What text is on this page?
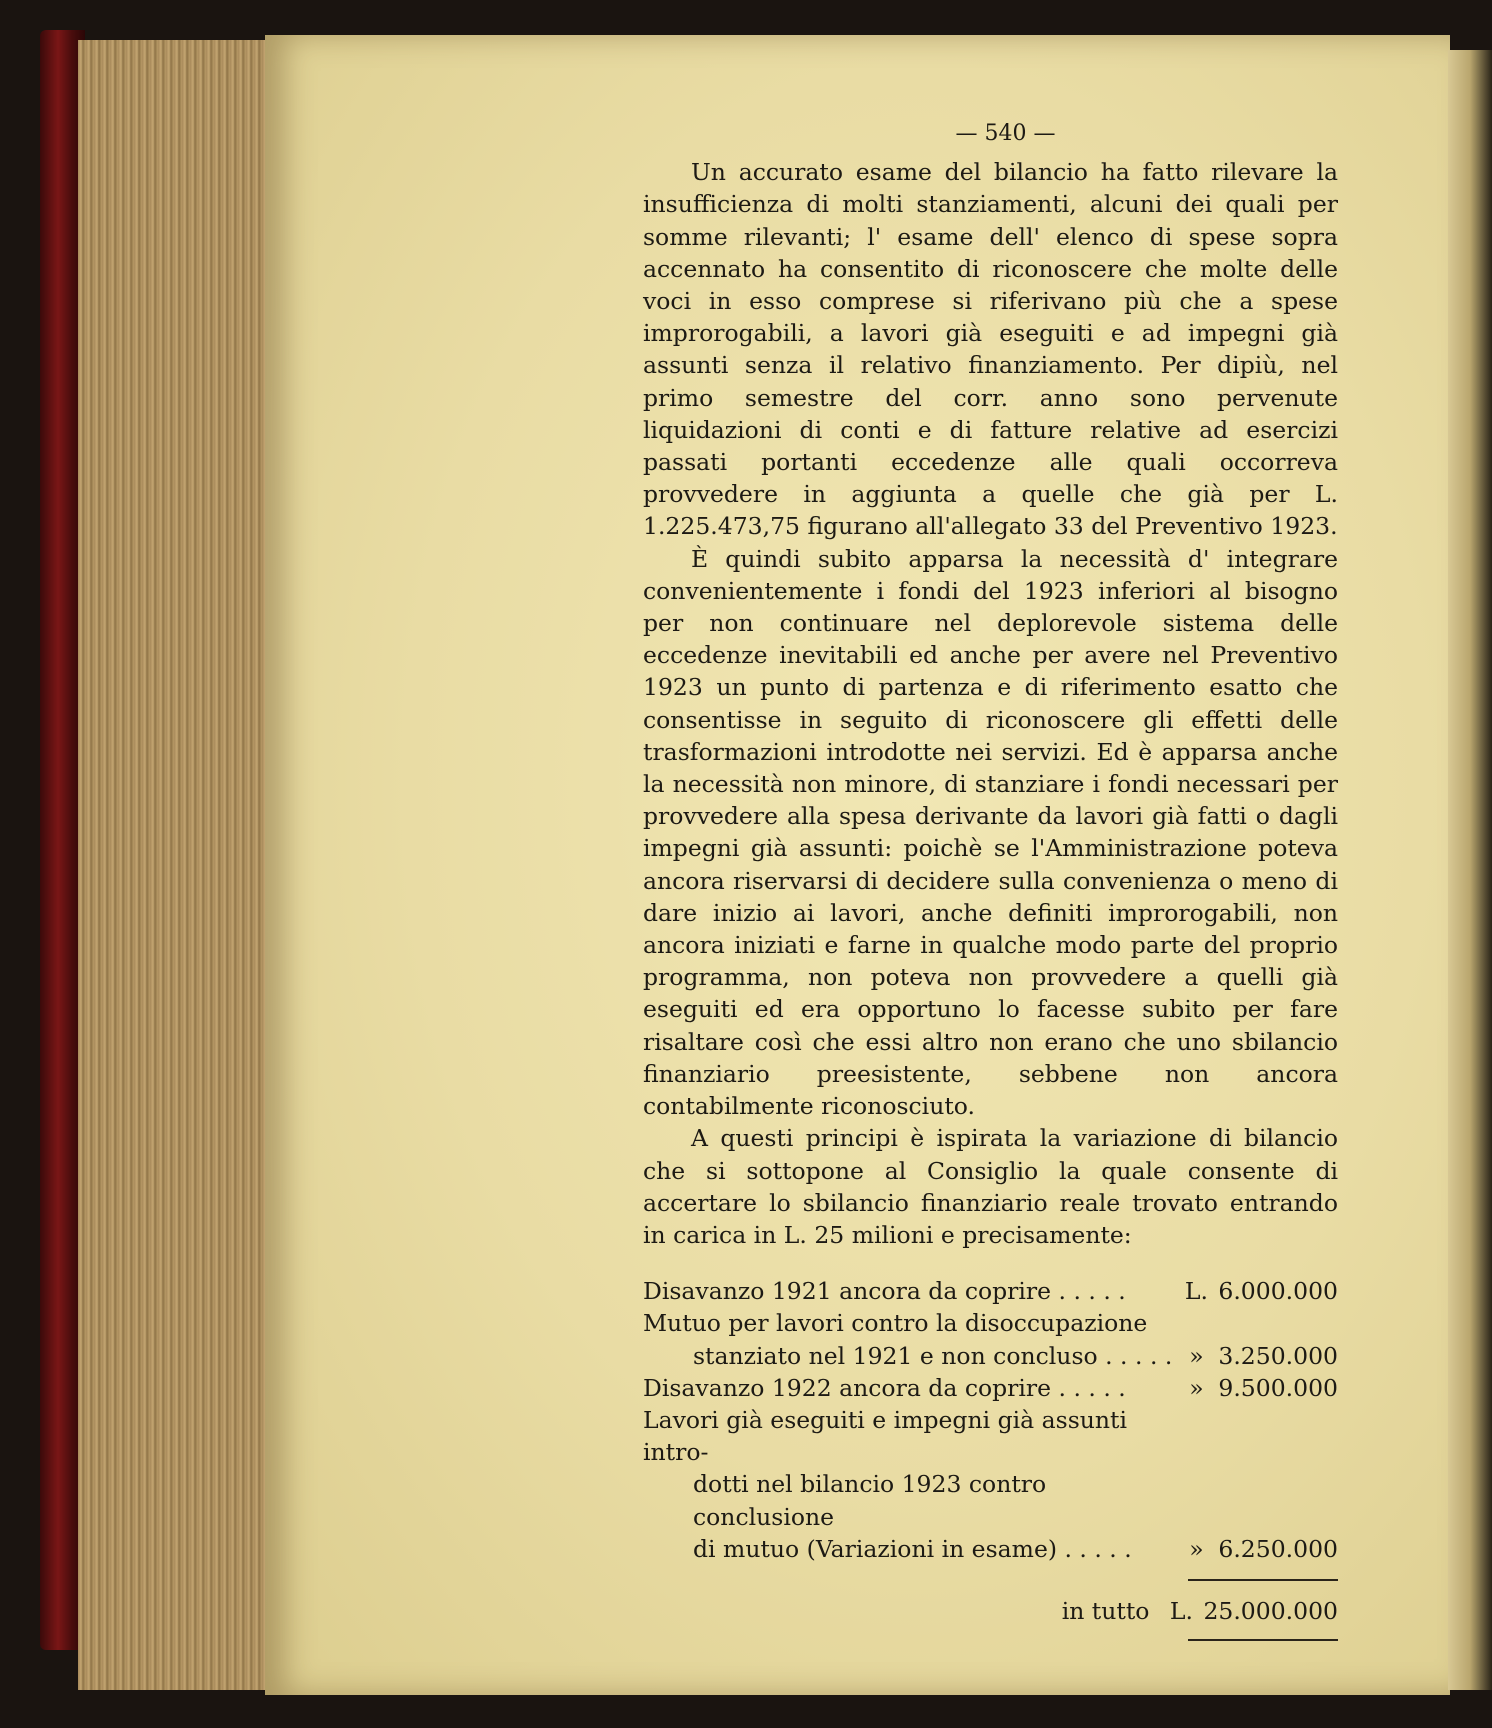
— 540 —

Un accurato esame del bilancio ha fatto rilevare la insufficienza di molti stanziamenti, alcuni dei quali per somme rilevanti; l' esame dell' elenco di spese sopra accennato ha consentito di riconoscere che molte delle voci in esso comprese si riferivano più che a spese improrogabili, a lavori già eseguiti e ad impegni già assunti senza il relativo finanziamento. Per dipiù, nel primo semestre del corr. anno sono pervenute liquidazioni di conti e di fatture relative ad esercizi passati portanti eccedenze alle quali occorreva provvedere in aggiunta a quelle che già per L. 1.225.473,75 figurano all'allegato 33 del Preventivo 1923.

È quindi subito apparsa la necessità d' integrare convenientemente i fondi del 1923 inferiori al bisogno per non continuare nel deplorevole sistema delle eccedenze inevitabili ed anche per avere nel Preventivo 1923 un punto di partenza e di riferimento esatto che consentisse in seguito di riconoscere gli effetti delle trasformazioni introdotte nei servizi. Ed è apparsa anche la necessità non minore, di stanziare i fondi necessari per provvedere alla spesa derivante da lavori già fatti o dagli impegni già assunti: poichè se l'Amministrazione poteva ancora riservarsi di decidere sulla convenienza o meno di dare inizio ai lavori, anche definiti improrogabili, non ancora iniziati e farne in qualche modo parte del proprio programma, non poteva non provvedere a quelli già eseguiti ed era opportuno lo facesse subito per fare risaltare così che essi altro non erano che uno sbilancio finanziario preesistente, sebbene non ancora contabilmente riconosciuto.

A questi principi è ispirata la variazione di bilancio che si sottopone al Consiglio la quale consente di accertare lo sbilancio finanziario reale trovato entrando in carica in L. 25 milioni e precisamente:

Disavanzo 1921 ancora da coprire . . . . .	L.	6.000.000
Mutuo per lavori contro la disoccupazione		
stanziato nel 1921 e non concluso . . . . .	»	3.250.000
Disavanzo 1922 ancora da coprire . . . . .	»	9.500.000
Lavori già eseguiti e impegni già assunti intro-		
dotti nel bilancio 1923 contro conclusione		
di mutuo (Variazioni in esame) . . . . .	»	6.250.000
in tutto	L.	25.000.000
